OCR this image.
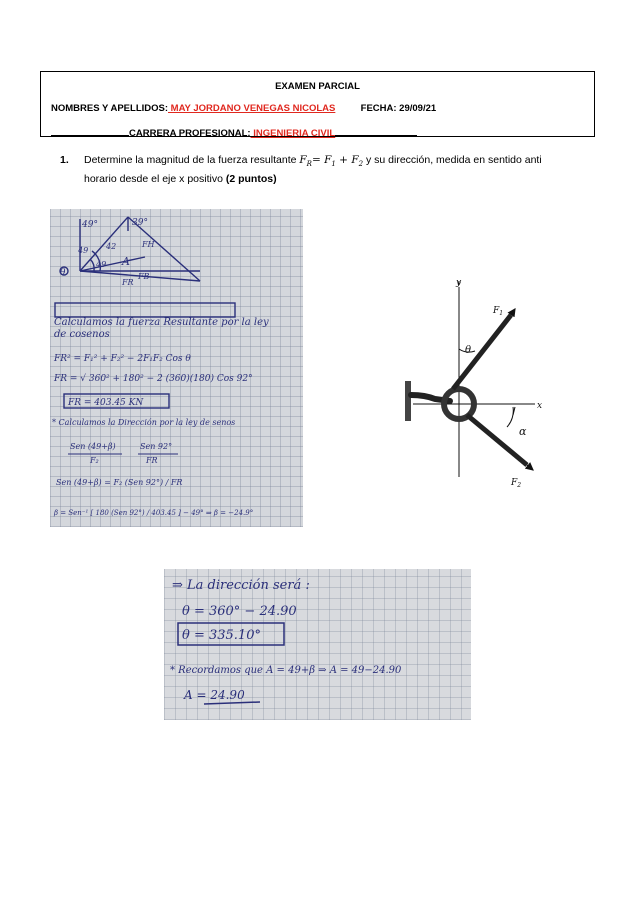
EXAMEN PARCIAL
NOMBRES Y APELLIDOS: MAY JORDANO VENEGAS NICOLAS	FECHA: 29/09/21
CARRERA PROFESIONAL: INGENIERIA CIVIL
1. Determine la magnitud de la fuerza resultante $F_R= F_1 + F_2$ y su dirección, medida en sentido anti horario desde el eje x positivo (2 puntos)
49°	39°
49 42
49
FH
A
θ	FB
FR
Calculamos la fuerza Resultante por la ley
de cosenos
FR² = F₁² + F₂² − 2F₁F₂ Cos θ
FR = √ 360² + 180² − 2 (360)(180) Cos 92°
FR = 403.45 KN
* Calculamos la Dirección por la ley de senos
Sen (49+β)
F₂
Sen 92°
FR
Sen (49+β) = F₂ (Sen 92°) / FR
β = Sen⁻¹ [ 180 (Sen 92°) / 403.45 ] − 49° ⇒ β = −24.9°
y
x
$F_1$
$F_2$
θ
α
⇒ La dirección será :
θ = 360° − 24.90
θ = 335.10°
* Recordamos que A = 49+β ⇒ A = 49−24.90
A = 24.90
